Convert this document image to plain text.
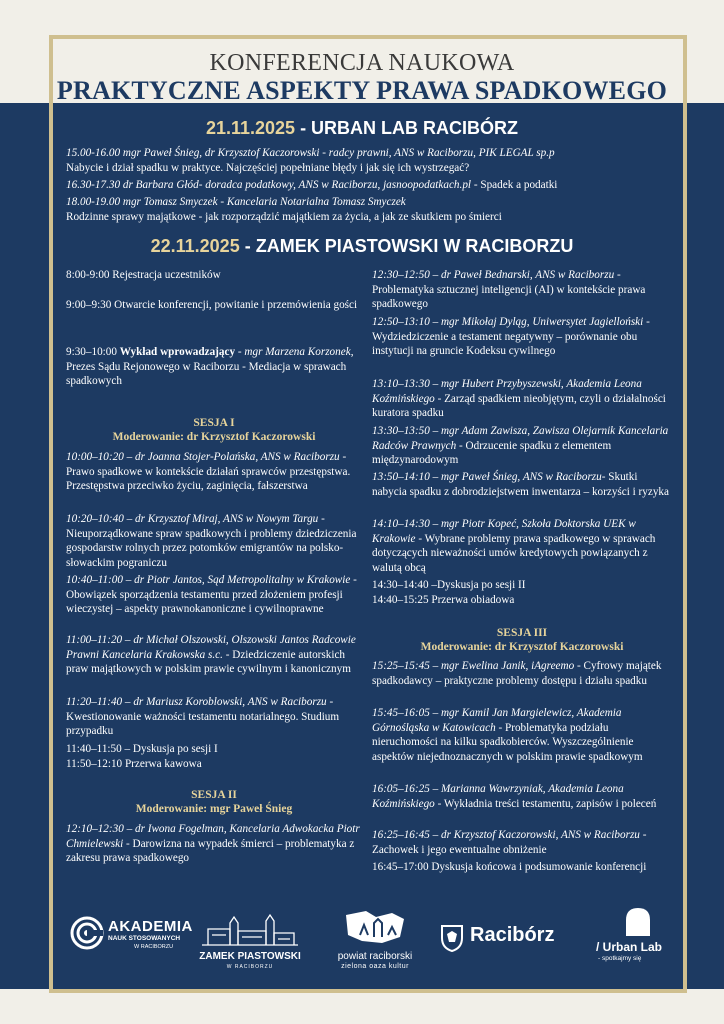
KONFERENCJA NAUKOWA
PRAKTYCZNE ASPEKTY PRAWA SPADKOWEGO
21.11.2025 - URBAN LAB RACIBÓRZ
15.00-16.00 mgr Paweł Śnieg, dr Krzysztof Kaczorowski - radcy prawni, ANS w Raciborzu, PIK LEGAL sp.p
Nabycie i dział spadku w praktyce. Najczęściej popełniane błędy i jak się ich wystrzegać?
16.30-17.30 dr Barbara Głód- doradca podatkowy, ANS w Raciborzu, jasnoopodatkach.pl - Spadek a podatki
18.00-19.00 mgr Tomasz Smyczek - Kancelaria Notarialna Tomasz Smyczek
Rodzinne sprawy majątkowe - jak rozporządzić majątkiem za życia, a jak ze skutkiem po śmierci
22.11.2025 - ZAMEK PIASTOWSKI W RACIBORZU
8:00-9:00 Rejestracja uczestników
9:00–9:30 Otwarcie konferencji, powitanie i przemówienia gości
9:30–10:00 Wykład wprowadzający - mgr Marzena Korzonek, Prezes Sądu Rejonowego w Raciborzu - Mediacja w sprawach spadkowych
SESJA I
Moderowanie: dr Krzysztof Kaczorowski
10:00–10:20 – dr Joanna Stojer-Polańska, ANS w Raciborzu - Prawo spadkowe w kontekście działań sprawców przestępstwa. Przestępstwa przeciwko życiu, zaginięcia, fałszerstwa
10:20–10:40 – dr Krzysztof Miraj, ANS w Nowym Targu - Nieuporządkowane spraw spadkowych i problemy dziedziczenia gospodarstw rolnych przez potomków emigrantów na polsko-słowackim pograniczu
10:40–11:00 – dr Piotr Jantos, Sąd Metropolitalny w Krakowie - Obowiązek sporządzenia testamentu przed złożeniem profesji wieczystej – aspekty prawnokanoniczne i cywilnoprawne
11:00–11:20 – dr Michał Olszowski, Olszowski Jantos Radcowie Prawni Kancelaria Krakowska s.c. - Dziedziczenie autorskich praw majątkowych w polskim prawie cywilnym i kanonicznym
11:20–11:40 – dr Mariusz Koroblowski, ANS w Raciborzu - Kwestionowanie ważności testamentu notarialnego. Studium przypadku
11:40–11:50 – Dyskusja po sesji I
11:50–12:10 Przerwa kawowa
SESJA II
Moderowanie: mgr Paweł Śnieg
12:10–12:30 – dr Iwona Fogelman, Kancelaria Adwokacka Piotr Chmielewski - Darowizna na wypadek śmierci – problematyka z zakresu prawa spadkowego
12:30–12:50 – dr Paweł Bednarski, ANS w Raciborzu - Problematyka sztucznej inteligencji (AI) w kontekście prawa spadkowego
12:50–13:10 – mgr Mikołaj Dyląg, Uniwersytet Jagielloński - Wydziedziczenie a testament negatywny – porównanie obu instytucji na gruncie Kodeksu cywilnego
13:10–13:30 – mgr Hubert Przybyszewski, Akademia Leona Koźmińskiego - Zarząd spadkiem nieobjętym, czyli o działalności kuratora spadku
13:30–13:50 – mgr Adam Zawisza, Zawisza Olejarnik Kancelaria Radców Prawnych - Odrzucenie spadku z elementem międzynarodowym
13:50–14:10 – mgr Paweł Śnieg, ANS w Raciborzu- Skutki nabycia spadku z dobrodziejstwem inwentarza – korzyści i ryzyka
14:10–14:30 – mgr Piotr Kopeć, Szkoła Doktorska UEK w Krakowie - Wybrane problemy prawa spadkowego w sprawach dotyczących nieważności umów kredytowych powiązanych z walutą obcą
14:30–14:40 –Dyskusja po sesji II
14:40–15:25 Przerwa obiadowa
SESJA III
Moderowanie: dr Krzysztof Kaczorowski
15:25–15:45 – mgr Ewelina Janik, iAgreemo - Cyfrowy majątek spadkodawcy – praktyczne problemy dostępu i działu spadku
15:45–16:05 – mgr Kamil Jan Margielewicz, Akademia Górnośląska w Katowicach - Problematyka podziału nieruchomości na kilku spadkobierców. Wyszczególnienie aspektów niejednoznacznych w polskim prawie spadkowym
16:05–16:25 – Marianna Wawrzyniak, Akademia Leona Koźmińskiego - Wykładnia treści testamentu, zapisów i poleceń
16:25–16:45 – dr Krzysztof Kaczorowski, ANS w Raciborzu - Zachowek i jego ewentualne obniżenie
16:45–17:00 Dyskusja końcowa i podsumowanie konferencji
AKADEMIA
NAUK STOSOWANYCH
W RACIBORZU
ZAMEK PIASTOWSKI
W RACIBORZU
powiat raciborski
zielona oaza kultur
Racibórz
/ Urban Lab
- spotkajmy się
